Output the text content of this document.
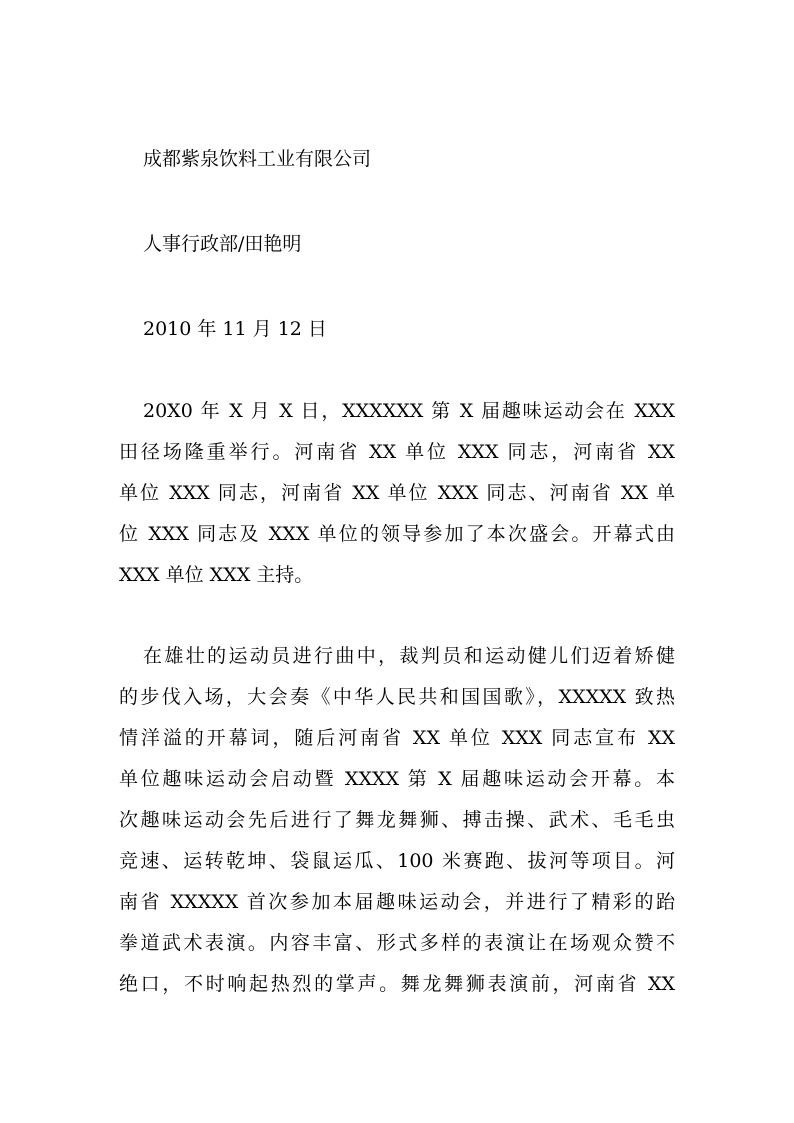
成都紫泉饮料工业有限公司
人事行政部/田艳明
2010 年 11 月 12 日
20X0 年 X 月 X 日，XXXXXX 第 X 届趣味运动会在 XXX
田径场隆重举行。河南省 XX 单位 XXX 同志，河南省 XX
单位 XXX 同志，河南省 XX 单位 XXX 同志、河南省 XX 单
位 XXX 同志及 XXX 单位的领导参加了本次盛会。开幕式由
XXX 单位 XXX 主持。
在雄壮的运动员进行曲中，裁判员和运动健儿们迈着矫健
的步伐入场，大会奏《中华人民共和国国歌》，XXXXX 致热
情洋溢的开幕词，随后河南省 XX 单位 XXX 同志宣布 XX
单位趣味运动会启动暨 XXXX 第 X 届趣味运动会开幕。本
次趣味运动会先后进行了舞龙舞狮、搏击操、武术、毛毛虫
竞速、运转乾坤、袋鼠运瓜、100 米赛跑、拔河等项目。河
南省 XXXXX 首次参加本届趣味运动会，并进行了精彩的跆
拳道武术表演。内容丰富、形式多样的表演让在场观众赞不
绝口，不时响起热烈的掌声。舞龙舞狮表演前，河南省 XX
